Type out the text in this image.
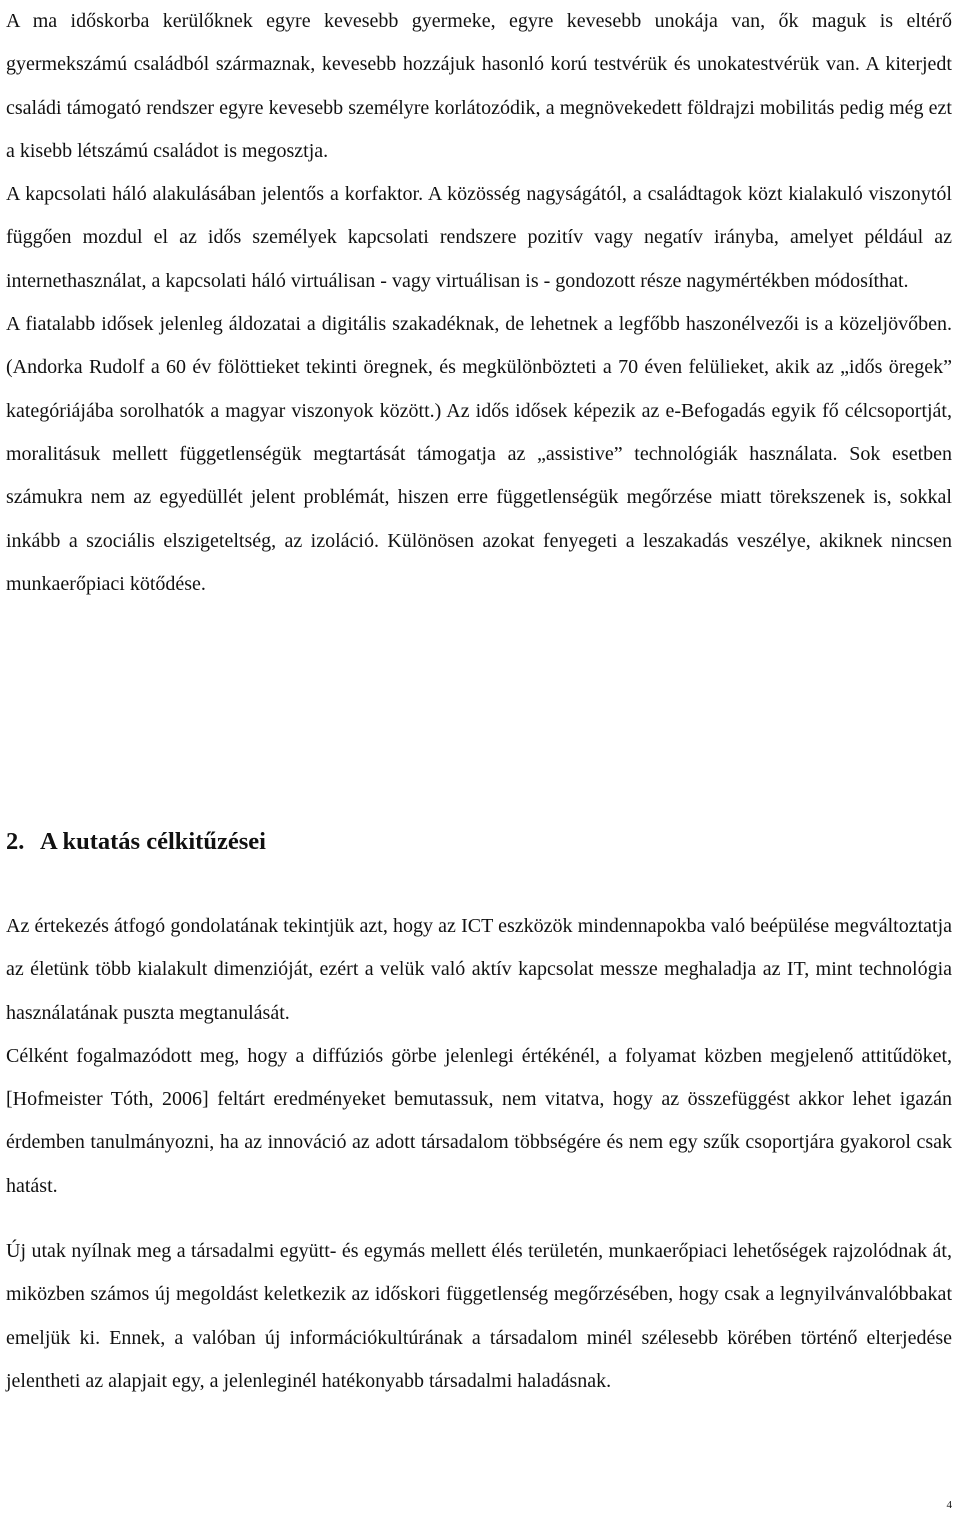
A ma időskorba kerülőknek egyre kevesebb gyermeke, egyre kevesebb unokája van, ők maguk is eltérő gyermekszámú családból származnak, kevesebb hozzájuk hasonló korú testvérük és unokatestvérük van. A kiterjedt családi támogató rendszer egyre kevesebb személyre korlátozódik, a megnövekedett földrajzi mobilitás pedig még ezt a kisebb létszámú családot is megosztja.

A kapcsolati háló alakulásában jelentős a korfaktor. A közösség nagyságától, a családtagok közt kialakuló viszonytól függően mozdul el az idős személyek kapcsolati rendszere pozitív vagy negatív irányba, amelyet például az internethasználat, a kapcsolati háló virtuálisan - vagy virtuálisan is - gondozott része nagymértékben módosíthat.

A fiatalabb idősek jelenleg áldozatai a digitális szakadéknak, de lehetnek a legfőbb haszonélvezői is a közeljövőben. (Andorka Rudolf a 60 év fölöttieket tekinti öregnek, és megkülönbözteti a 70 éven felülieket, akik az „idős öregek” kategóriájába sorolhatók a magyar viszonyok között.) Az idős idősek képezik az e-Befogadás egyik fő célcsoportját, moralitásuk mellett függetlenségük megtartását támogatja az „assistive” technológiák használata. Sok esetben számukra nem az egyedüllét jelent problémát, hiszen erre függetlenségük megőrzése miatt törekszenek is, sokkal inkább a szociális elszigeteltség, az izoláció. Különösen azokat fenyegeti a leszakadás veszélye, akiknek nincsen munkaerőpiaci kötődése.

2. A kutatás célkitűzései

Az értekezés átfogó gondolatának tekintjük azt, hogy az ICT eszközök mindennapokba való beépülése megváltoztatja az életünk több kialakult dimenzióját, ezért a velük való aktív kapcsolat messze meghaladja az IT, mint technológia használatának puszta megtanulását.

Célként fogalmazódott meg, hogy a diffúziós görbe jelenlegi értékénél, a folyamat közben megjelenő attitűdöket, [Hofmeister Tóth, 2006] feltárt eredményeket bemutassuk, nem vitatva, hogy az összefüggést akkor lehet igazán érdemben tanulmányozni, ha az innováció az adott társadalom többségére és nem egy szűk csoportjára gyakorol csak hatást.

Új utak nyílnak meg a társadalmi együtt- és egymás mellett élés területén, munkaerőpiaci lehetőségek rajzolódnak át, miközben számos új megoldást keletkezik az időskori függetlenség megőrzésében, hogy csak a legnyilvánvalóbbakat emeljük ki. Ennek, a valóban új információkultúrának a társadalom minél szélesebb körében történő elterjedése jelentheti az alapjait egy, a jelenleginél hatékonyabb társadalmi haladásnak.

4
